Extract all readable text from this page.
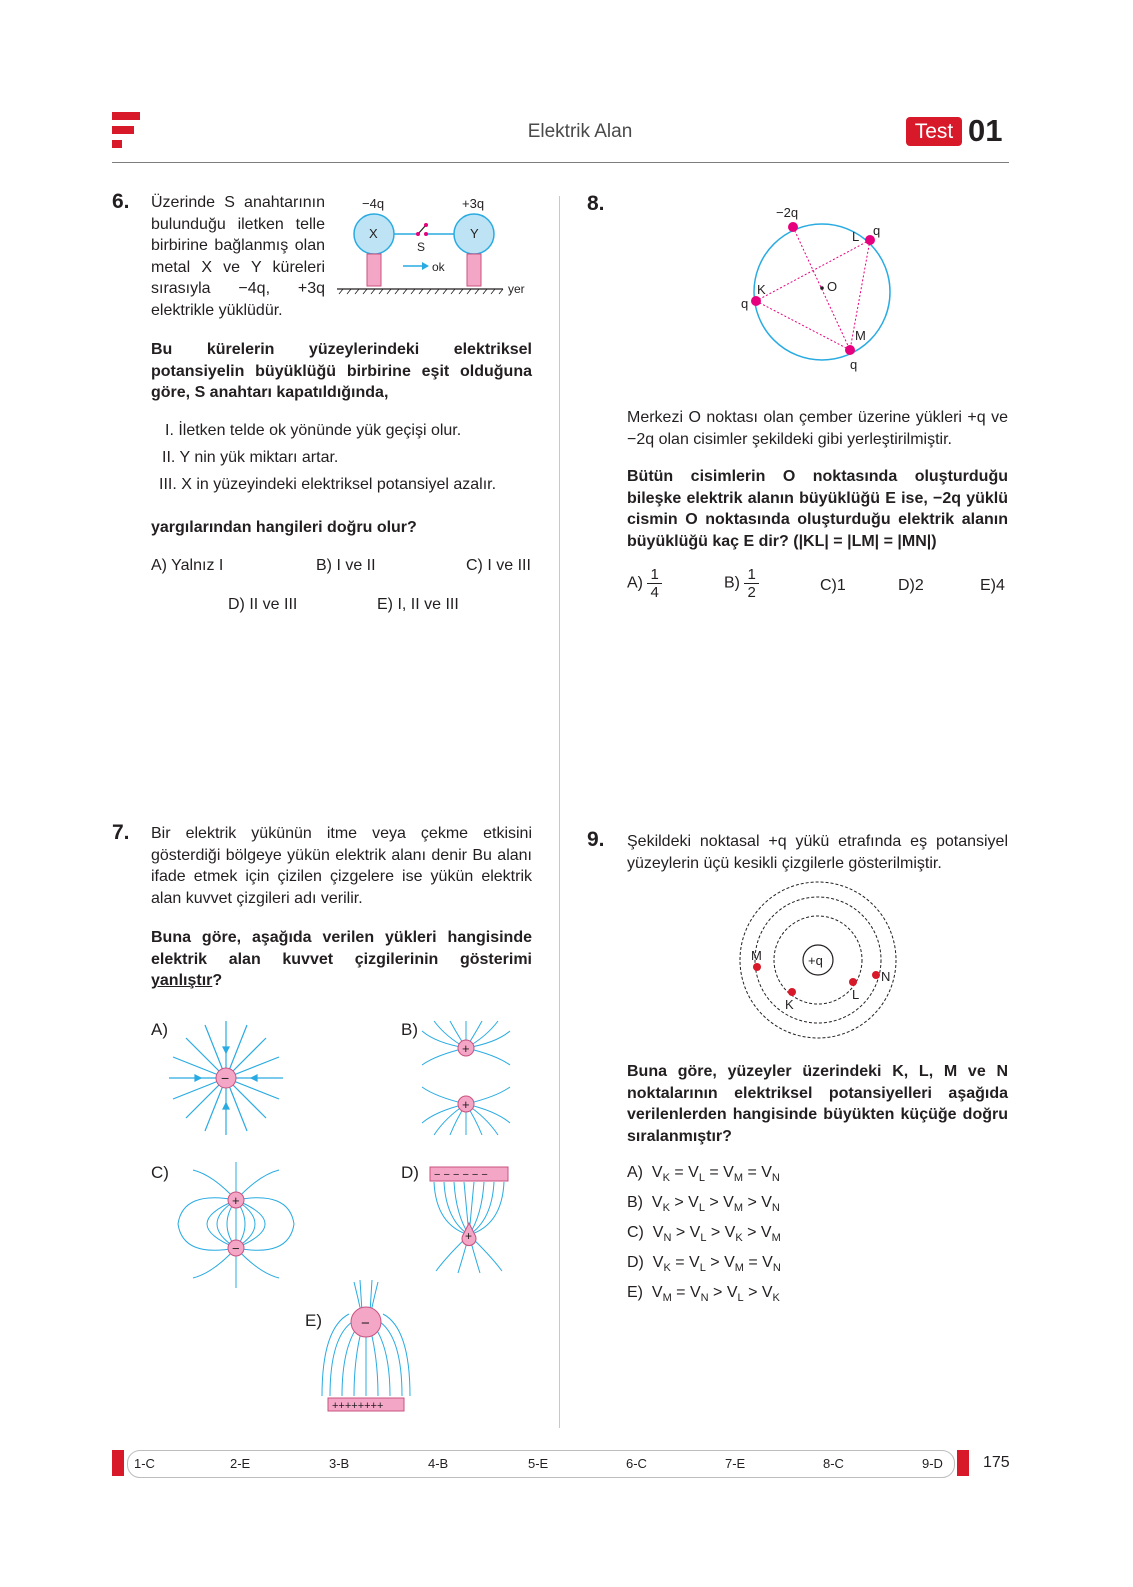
Elektrik Alan	Test 01
6. Üzerinde S anahtarının bulunduğu iletken telle birbirine bağlanmış olan metal X ve Y küreleri sırasıyla −4q, +3q elektrikle yüklüdür.
−4q	+3q
X	Y
S
ok
yer
Bu kürelerin yüzeylerindeki elektriksel potansiyelin büyüklüğü birbirine eşit olduğuna göre, S anahtarı kapatıldığında,
I. İletken telde ok yönünde yük geçişi olur.
II. Y nin yük miktarı artar.
III. X in yüzeyindeki elektriksel potansiyel azalır.
yargılarından hangileri doğru olur?
A) Yalnız I	B) I ve II	C) I ve III
D) II ve III	E) I, II ve III
7. Bir elektrik yükünün itme veya çekme etkisini gösterdiği bölgeye yükün elektrik alanı denir Bu alanı ifade etmek için çizilen çizgelere ise yükün elektrik alan kuvvet çizgileri adı verilir.
Buna göre, aşağıda verilen yükleri hangisinde elektrik alan kuvvet çizgilerinin gösterimi yanlıştır?
A)
−
B)
+
+
C)
+
−
D) − − − − − −
+
E)	−
++++++++
8.	−2q
L q
O
K
q
M
q
Merkezi O noktası olan çember üzerine yükleri +q ve −2q olan cisimler şekildeki gibi yerleştirilmiştir.
Bütün cisimlerin O noktasında oluşturduğu bileşke elektrik alanın büyüklüğü E ise, −2q yüklü cismin O noktasında oluşturduğu elektrik alanın büyüklüğü kaç E dir? (|KL| = |LM| = |MN|)
$A) \frac{1}{4}$	$B) \frac{1}{2}$	C)1	D)2	E)4
9. Şekildeki noktasal +q yükü etrafında eş potansiyel yüzeylerin üçü kesikli çizgilerle gösterilmiştir.
+q
M
K
L
N
Buna göre, yüzeyler üzerindeki K, L, M ve N noktalarının elektriksel potansiyelleri aşağıda verilenlerden hangisinde büyükten küçüğe doğru sıralanmıştır?
A)  $V_K = V_L = V_M = V_N$
B)  $V_K > V_L > V_M > V_N$
C)  $V_N > V_L > V_K > V_M$
D)  $V_K = V_L > V_M = V_N$
E)  $V_M = V_N > V_L > V_K$
1-C	2-E	3-B	4-B	5-E	6-C	7-E	8-C	9-D	175
